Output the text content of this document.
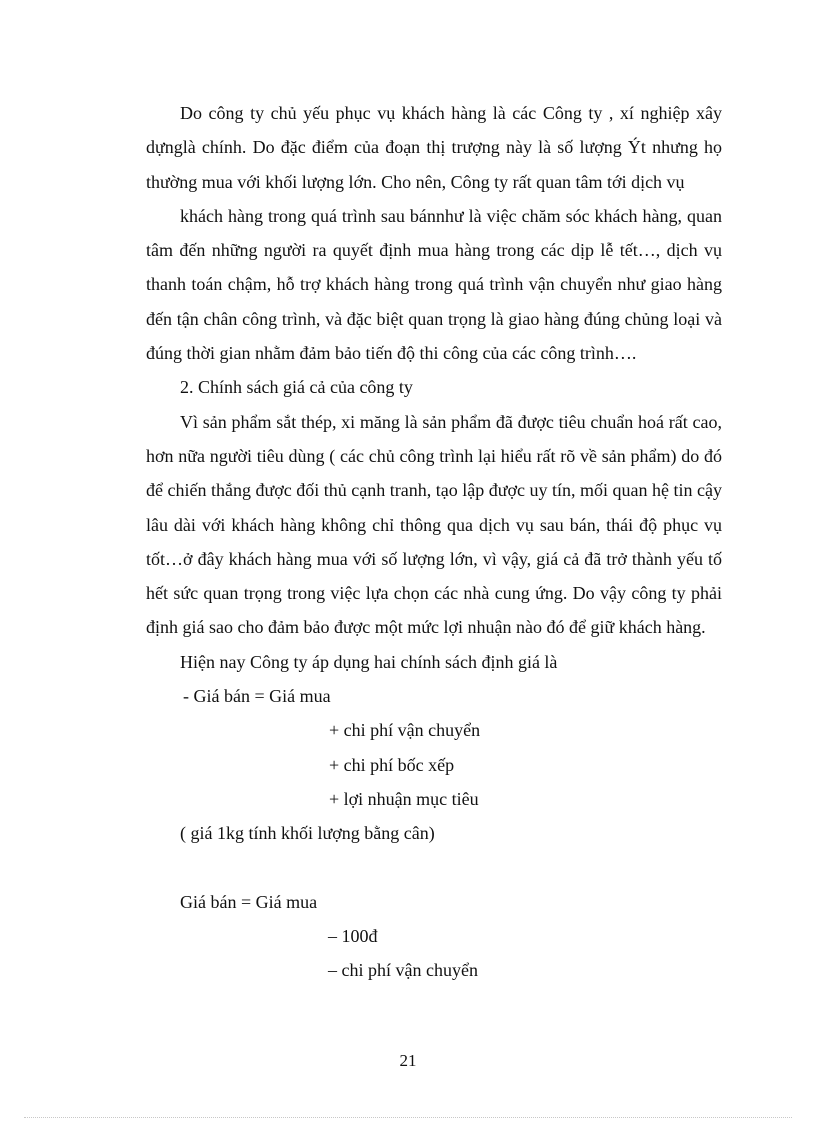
Do công ty chủ yếu phục vụ khách hàng là các Công ty , xí nghiệp xây dựnglà chính. Do đặc điểm của đoạn thị trượng này là số lượng Ýt nhưng họ thường mua với khối lượng lớn. Cho nên, Công ty rất quan tâm tới dịch vụ

khách hàng trong quá trình sau bánnhư là việc chăm sóc khách hàng, quan tâm đến những người ra quyết định mua hàng trong các dịp lễ tết…, dịch vụ thanh toán chậm, hỗ trợ khách hàng trong quá trình vận chuyển như giao hàng đến tận chân công trình, và đặc biệt quan trọng là giao hàng đúng chủng loại và đúng thời gian nhằm đảm bảo tiến độ thi công của các công trình….

2. Chính sách giá cả của công ty

Vì sản phẩm sắt thép, xi măng là sản phẩm đã được tiêu chuẩn hoá rất cao, hơn nữa người tiêu dùng ( các chủ công trình lại hiểu rất rõ về sản phẩm) do đó để chiến thắng được đối thủ cạnh tranh, tạo lập được uy tín, mối quan hệ tin cậy lâu dài với khách hàng không chỉ thông qua dịch vụ sau bán, thái độ phục vụ tốt…ở đây khách hàng mua với số lượng lớn, vì vậy, giá cả đã trở thành yếu tố hết sức quan trọng trong việc lựa chọn các nhà cung ứng. Do vậy công ty phải định giá sao cho đảm bảo được một mức lợi nhuận nào đó để giữ khách hàng.

Hiện nay Công ty áp dụng hai chính sách định giá là

- Giá bán = Giá mua

+ chi phí vận chuyển

+ chi phí bốc xếp

+ lợi nhuận mục tiêu

( giá 1kg tính khối lượng bằng cân)

Giá bán = Giá mua

– 100đ

– chi phí vận chuyển

21
